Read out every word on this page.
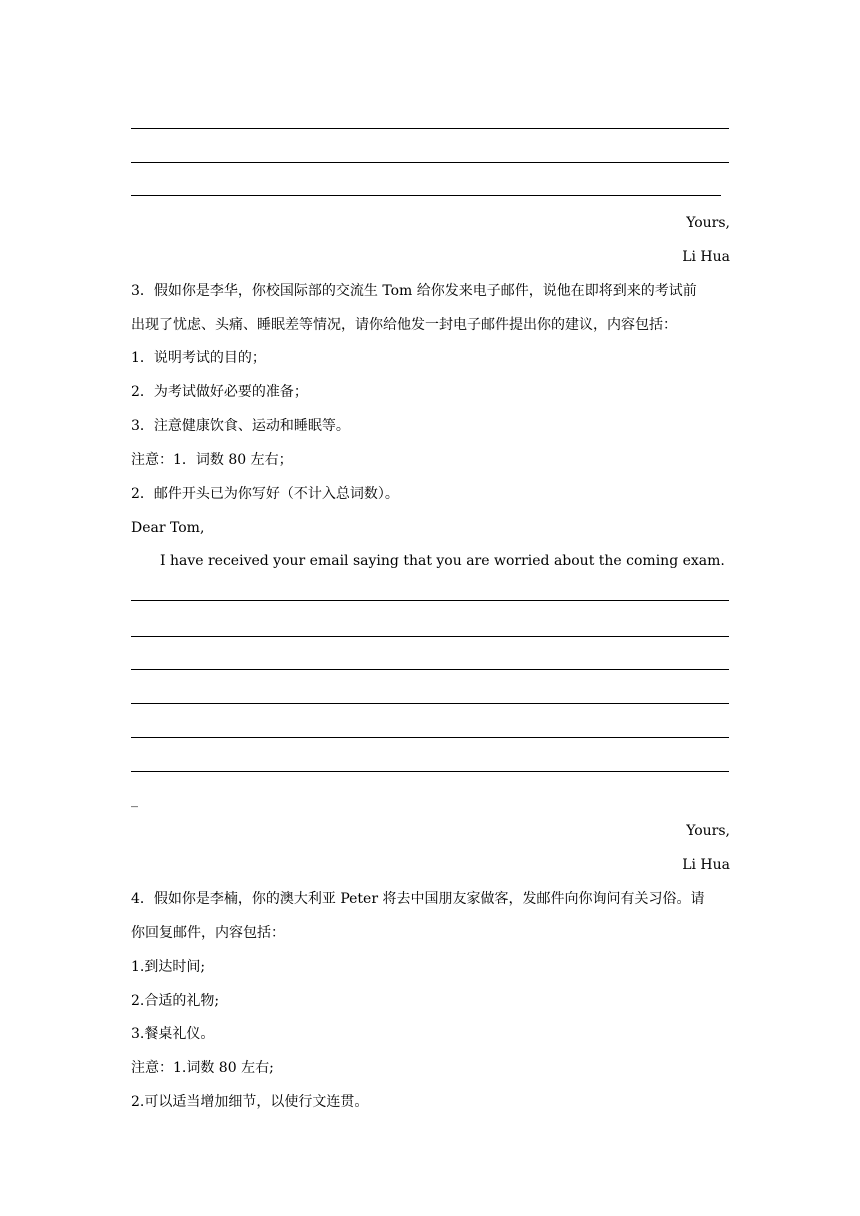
Yours,
Li Hua
3．假如你是李华，你校国际部的交流生 Tom 给你发来电子邮件，说他在即将到来的考试前
出现了忧虑、头痛、睡眠差等情况，请你给他发一封电子邮件提出你的建议，内容包括：
1．说明考试的目的；
2．为考试做好必要的准备；
3．注意健康饮食、运动和睡眠等。
注意：1．词数 80 左右；
2．邮件开头已为你写好（不计入总词数）。
Dear Tom,
I have received your email saying that you are worried about the coming exam.
_
Yours,
Li Hua
4．假如你是李楠，你的澳大利亚 Peter 将去中国朋友家做客，发邮件向你询问有关习俗。请
你回复邮件，内容包括：
1.到达时间;
2.合适的礼物;
3.餐桌礼仪。
注意：1.词数 80 左右;
2.可以适当增加细节，以使行文连贯。
